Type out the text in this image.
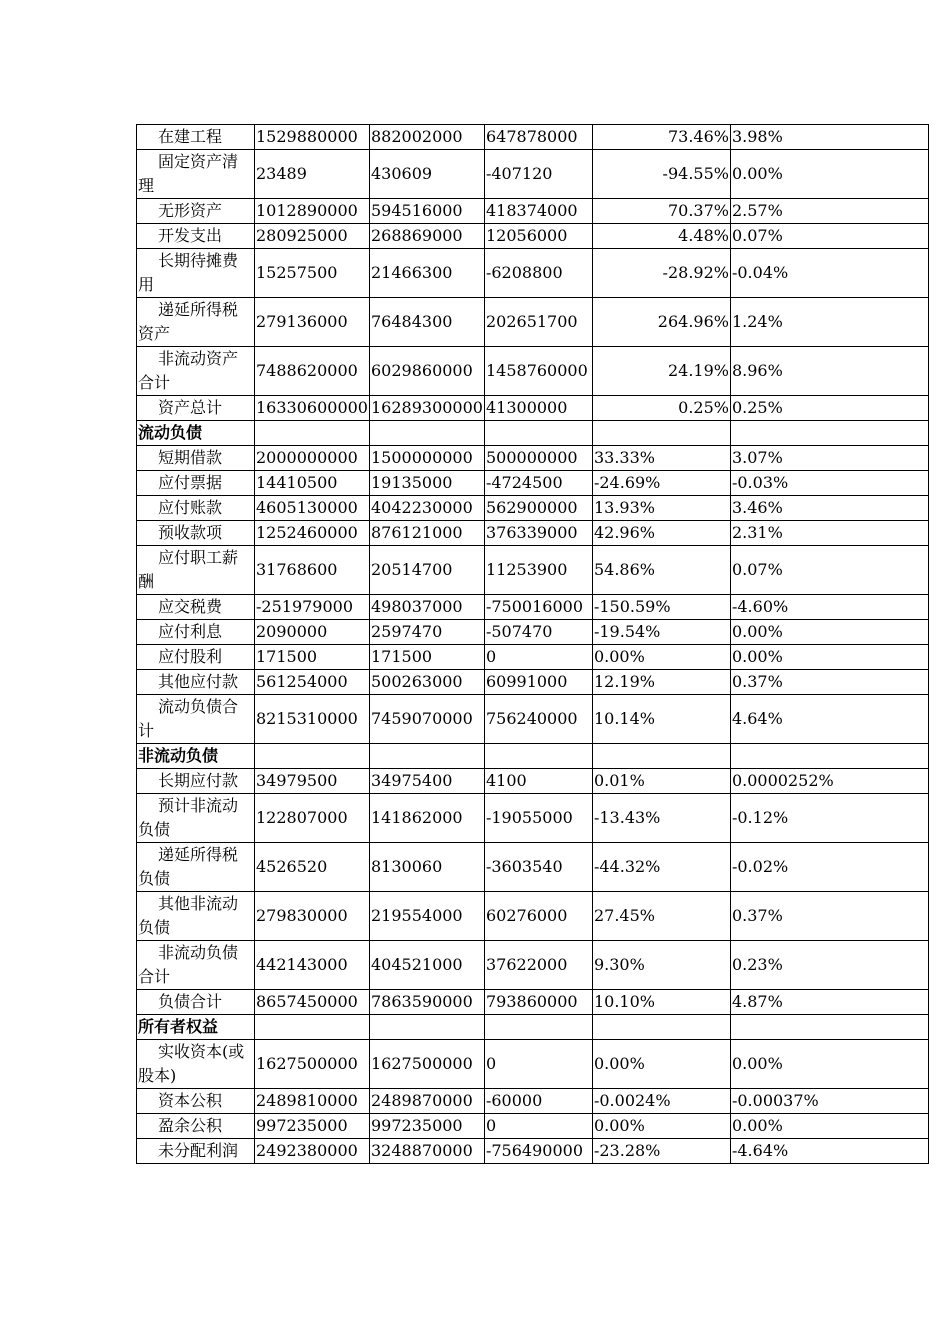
在建工程	1529880000	882002000	647878000	73.46%	3.98%
固定资产清理	23489	430609	-407120	-94.55%	0.00%
无形资产	1012890000	594516000	418374000	70.37%	2.57%
开发支出	280925000	268869000	12056000	4.48%	0.07%
长期待摊费用	15257500	21466300	-6208800	-28.92%	-0.04%
递延所得税资产	279136000	76484300	202651700	264.96%	1.24%
非流动资产合计	7488620000	6029860000	1458760000	24.19%	8.96%
资产总计	16330600000	16289300000	41300000	0.25%	0.25%
流动负债					
短期借款	2000000000	1500000000	500000000	33.33%	3.07%
应付票据	14410500	19135000	-4724500	-24.69%	-0.03%
应付账款	4605130000	4042230000	562900000	13.93%	3.46%
预收款项	1252460000	876121000	376339000	42.96%	2.31%
应付职工薪酬	31768600	20514700	11253900	54.86%	0.07%
应交税费	-251979000	498037000	-750016000	-150.59%	-4.60%
应付利息	2090000	2597470	-507470	-19.54%	0.00%
应付股利	171500	171500	0	0.00%	0.00%
其他应付款	561254000	500263000	60991000	12.19%	0.37%
流动负债合计	8215310000	7459070000	756240000	10.14%	4.64%
非流动负债					
长期应付款	34979500	34975400	4100	0.01%	0.0000252%
预计非流动负债	122807000	141862000	-19055000	-13.43%	-0.12%
递延所得税负债	4526520	8130060	-3603540	-44.32%	-0.02%
其他非流动负债	279830000	219554000	60276000	27.45%	0.37%
非流动负债合计	442143000	404521000	37622000	9.30%	0.23%
负债合计	8657450000	7863590000	793860000	10.10%	4.87%
所有者权益					
实收资本(或股本)	1627500000	1627500000	0	0.00%	0.00%
资本公积	2489810000	2489870000	-60000	-0.0024%	-0.00037%
盈余公积	997235000	997235000	0	0.00%	0.00%
未分配利润	2492380000	3248870000	-756490000	-23.28%	-4.64%
